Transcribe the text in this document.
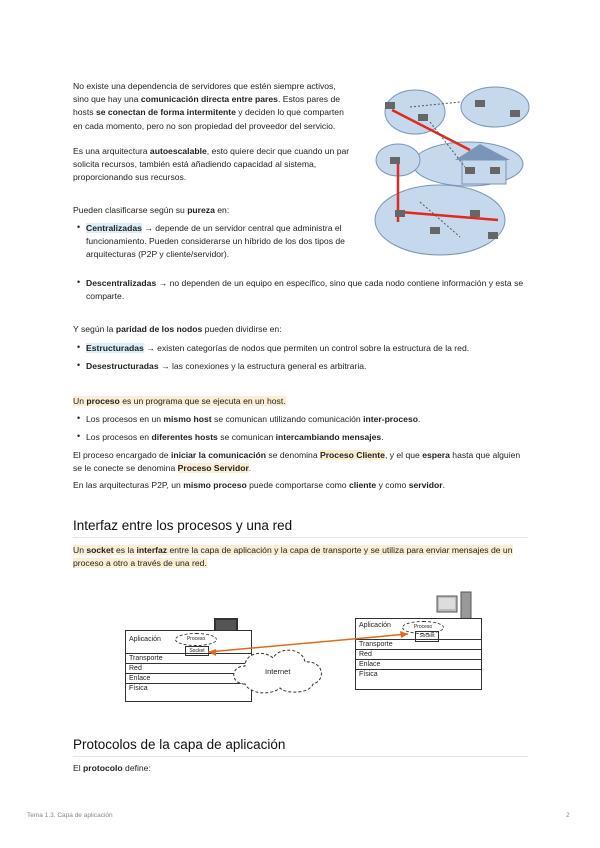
No existe una dependencia de servidores que estén siempre activos, sino que hay una comunicación directa entre pares. Estos pares de hosts se conectan de forma intermitente y deciden lo que comparten en cada momento, pero no son propiedad del proveedor del servicio.

Es una arquitectura autoescalable, esto quiere decir que cuando un par solicita recursos, también está añadiendo capacidad al sistema, proporcionando sus recursos.

Pueden clasificarse según su pureza en:

• Centralizadas → depende de un servidor central que administra el funcionamiento. Pueden considerarse un híbrido de los dos tipos de arquitecturas (P2P y cliente/servidor).
• Descentralizadas → no dependen de un equipo en específico, sino que cada nodo contiene información y esta se comparte.

Y según la paridad de los nodos pueden dividirse en:

• Estructuradas → existen categorías de nodos que permiten un control sobre la estructura de la red.
• Desestructuradas → las conexiones y la estructura general es arbitraria.

Un proceso es un programa que se ejecuta en un host.

• Los procesos en un mismo host se comunican utilizando comunicación inter-proceso.
• Los procesos en diferentes hosts se comunican intercambiando mensajes.

El proceso encargado de iniciar la comunicación se denomina Proceso Cliente, y el que espera hasta que alguien se le conecte se denomina Proceso Servidor.

En las arquitecturas P2P, un mismo proceso puede comportarse como cliente y como servidor.

Interfaz entre los procesos y una red

Un socket es la interfaz entre la capa de aplicación y la capa de transporte y se utiliza para enviar mensajes de un proceso a otro a través de una red.

Aplicación
Transporte
Red
Enlace
Física
Proceso
Socket
Aplicación
Transporte
Red
Enlace
Física
Proceso
Socket
Internet
Protocolos de la capa de aplicación

El protocolo define:

Tema 1.3. Capa de aplicación	2
